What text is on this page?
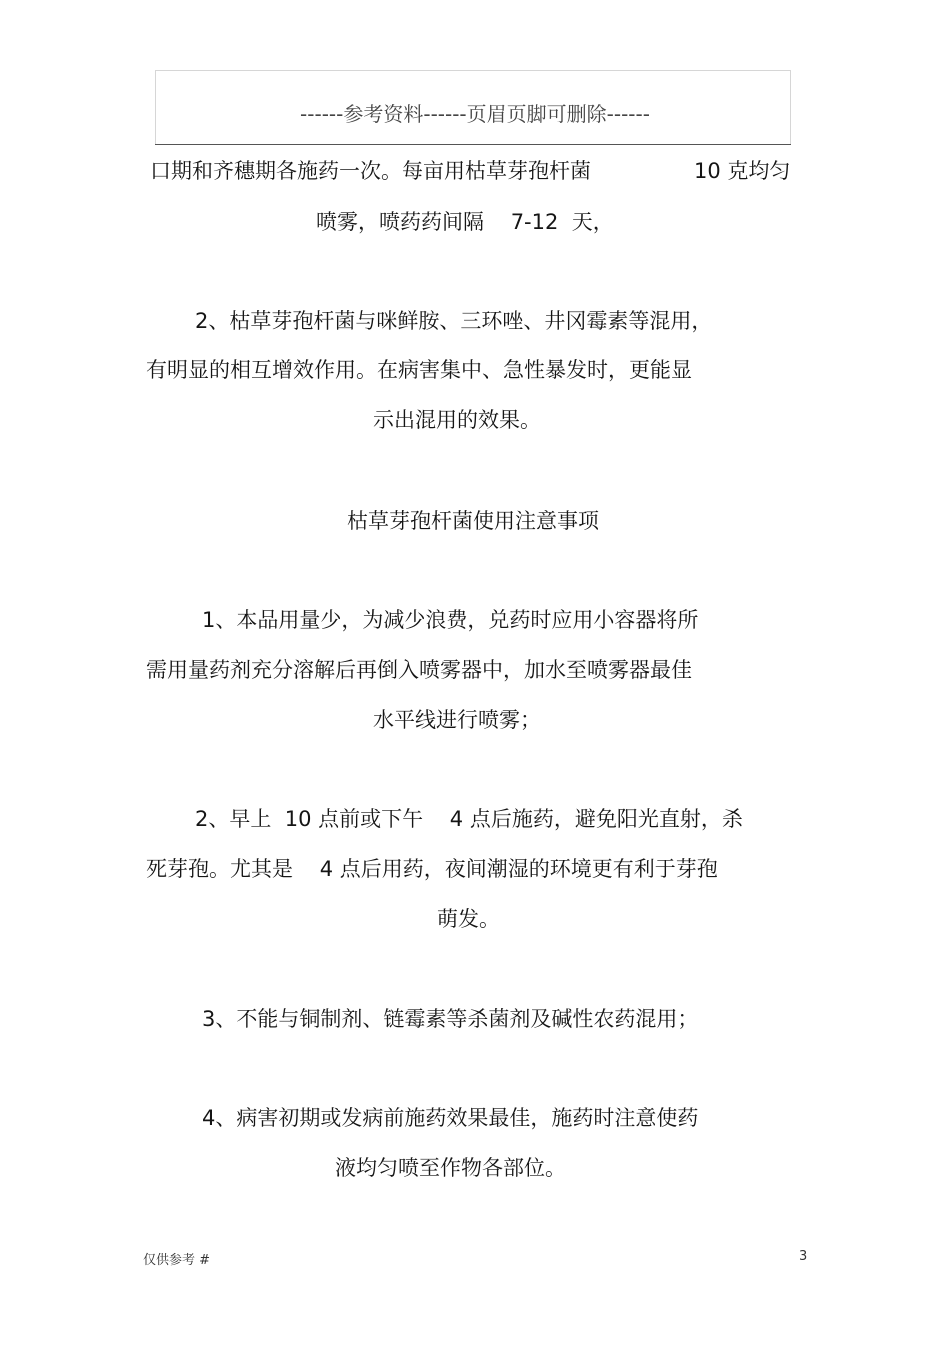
------参考资料------页眉页脚可删除------
口期和齐穗期各施药一次。每亩用枯草芽孢杆菌	10 克均匀
喷雾，喷药药间隔    7-12  天，
2、枯草芽孢杆菌与咪鲜胺、三环唑、井冈霉素等混用，
有明显的相互增效作用。在病害集中、急性暴发时，更能显
示出混用的效果。
枯草芽孢杆菌使用注意事项
1、本品用量少，为减少浪费，兑药时应用小容器将所
需用量药剂充分溶解后再倒入喷雾器中，加水至喷雾器最佳
水平线进行喷雾；
2、早上  10 点前或下午    4 点后施药，避免阳光直射，杀
死芽孢。尤其是    4 点后用药，夜间潮湿的环境更有利于芽孢
萌发。
3、不能与铜制剂、链霉素等杀菌剂及碱性农药混用；
4、病害初期或发病前施药效果最佳，施药时注意使药
液均匀喷至作物各部位。
仅供参考 #	3
